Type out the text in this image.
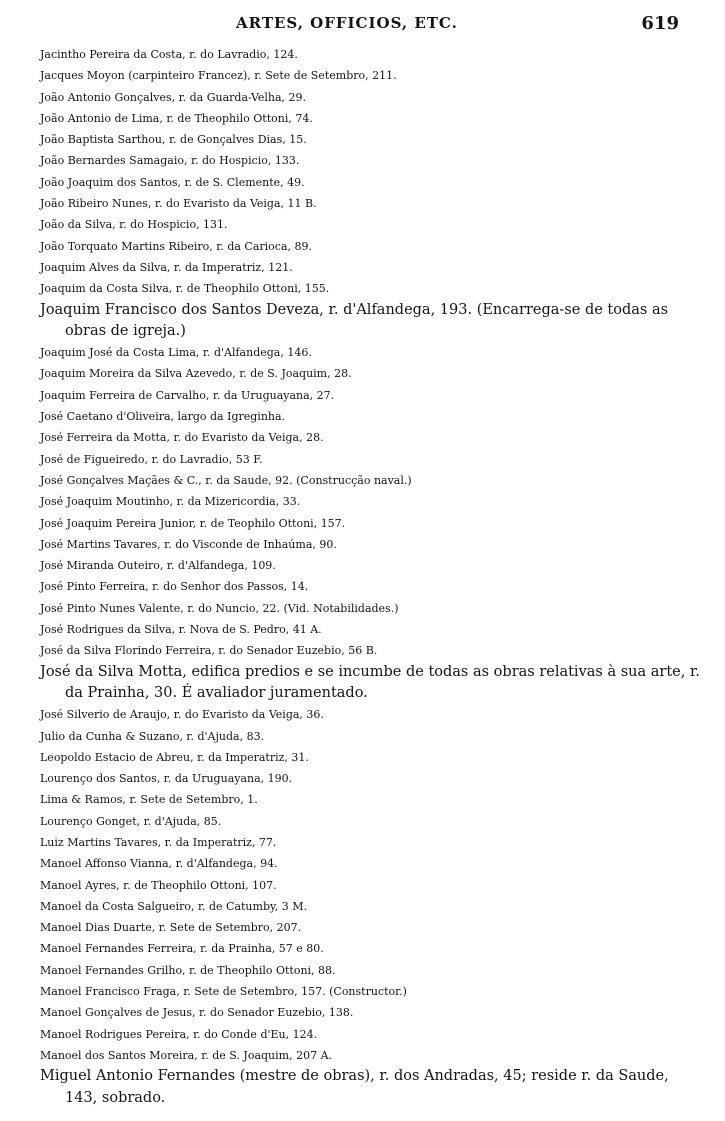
ARTES, OFFICIOS, ETC.	619
Jacintho Pereira da Costa, r. do Lavradio, 124.
Jacques Moyon (carpinteiro Francez), r. Sete de Setembro, 211.
João Antonio Gonçalves, r. da Guarda-Velha, 29.
João Antonio de Lima, r. de Theophilo Ottoni, 74.
João Baptista Sarthou, r. de Gonçalves Dias, 15.
João Bernardes Samagaio, r. do Hospicio, 133.
João Joaquim dos Santos, r. de S. Clemente, 49.
João Ribeiro Nunes, r. do Evaristo da Veiga, 11 B.
João da Silva, r. do Hospicio, 131.
João Torquato Martins Ribeiro, r. da Carioca, 89.
Joaquim Alves da Silva, r. da Imperatriz, 121.
Joaquim da Costa Silva, r. de Theophilo Ottoni, 155.
Joaquim Francisco dos Santos Deveza, r. d'Alfandega, 193. (Encarrega-se de todas as obras de igreja.)
Joaquim José da Costa Lima, r. d'Alfandega, 146.
Joaquim Moreira da Silva Azevedo, r. de S. Joaquim, 28.
Joaquim Ferreira de Carvalho, r. da Uruguayana, 27.
José Caetano d'Oliveira, largo da Igreginha.
José Ferreira da Motta, r. do Evaristo da Veiga, 28.
José de Figueiredo, r. do Lavradio, 53 F.
José Gonçalves Maçães & C., r. da Saude, 92. (Construcção naval.)
José Joaquim Moutinho, r. da Mizericordia, 33.
José Joaquim Pereira Junior, r. de Teophilo Ottoni, 157.
José Martins Tavares, r. do Visconde de Inhaúma, 90.
José Miranda Outeiro, r. d'Alfandega, 109.
José Pinto Ferreira, r. do Senhor dos Passos, 14.
José Pinto Nunes Valente, r. do Nuncio, 22. (Vid. Notabilidades.)
José Rodrigues da Silva, r. Nova de S. Pedro, 41 A.
José da Silva Florindo Ferreira, r. do Senador Euzebio, 56 B.
José da Silva Motta, edifica predios e se incumbe de todas as obras relativas à sua arte, r. da Prainha, 30. É avaliador juramentado.
José Silverio de Araujo, r. do Evaristo da Veiga, 36.
Julio da Cunha & Suzano, r. d'Ajuda, 83.
Leopoldo Estacio de Abreu, r. da Imperatriz, 31.
Lourenço dos Santos, r. da Uruguayana, 190.
Lima & Ramos, r. Sete de Setembro, 1.
Lourenço Gonget, r. d'Ajuda, 85.
Luiz Martins Tavares, r. da Imperatriz, 77.
Manoel Affonso Vianna, r. d'Alfandega, 94.
Manoel Ayres, r. de Theophilo Ottoni, 107.
Manoel da Costa Salgueiro, r. de Catumby, 3 M.
Manoel Dias Duarte, r. Sete de Setembro, 207.
Manoel Fernandes Ferreira, r. da Prainha, 57 e 80.
Manoel Fernandes Grilho, r. de Theophilo Ottoni, 88.
Manoel Francisco Fraga, r. Sete de Setembro, 157. (Constructor.)
Manoel Gonçalves de Jesus, r. do Senador Euzebio, 138.
Manoel Rodrigues Pereira, r. do Conde d'Eu, 124.
Manoel dos Santos Moreira, r. de S. Joaquim, 207 A.
Miguel Antonio Fernandes (mestre de obras), r. dos Andradas, 45; reside r. da Saude, 143, sobrado.
